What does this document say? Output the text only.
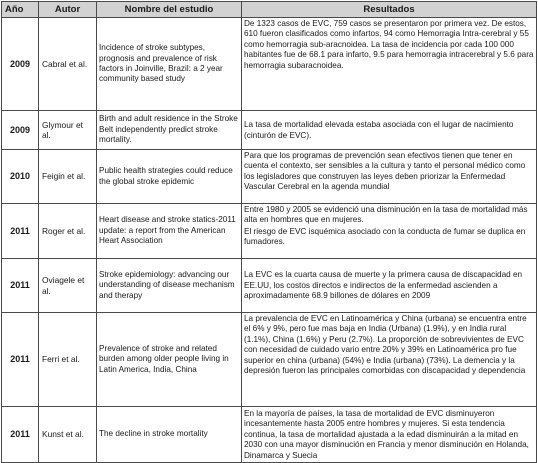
Año	Autor	Nombre del estudio	Resultados
2009	Cabral et al.	Incidence of stroke subtypes, prognosis and prevalence of risk factors in Joinville, Brazil: a 2 year community based study	De 1323 casos de EVC, 759 casos se presentaron por primera vez. De estos, 610 fueron clasificados como infartos, 94 como Hemorragia Intra-cerebral y 55 como hemorragia sub-aracnoidea. La tasa de incidencia por cada 100 000 habitantes fue de 68.1 para infarto, 9.5 para hemorragia intracerebral y 5.6 para hemorragia subaracnoidea.

2009	Glymour et al.	Birth and adult residence in the Stroke Belt independently predict stroke mortality.	La tasa de mortalidad elevada estaba asociada con el lugar de nacimiento (cinturón de EVC).

2010	Feigin et al.	Public health strategies could reduce the global stroke epidemic	Para que los programas de prevención sean efectivos tienen que tener en cuenta el contexto, ser sensibles a la cultura y tanto el personal médico como los legisladores que construyen las leyes deben priorizar la Enfermedad Vascular Cerebral en la agenda mundial

2011	Roger et al.	Heart disease and stroke statics-2011 update: a report from the American Heart Association	Entre 1980 y 2005 se evidenció una disminución en la tasa de mortalidad más alta en hombres que en mujeres.

El riesgo de EVC isquémica asociado con la conducta de fumar se duplica en fumadores.

2011	Oviagele et al.	Stroke epidemiology: advancing our understanding of disease mechanism and therapy	La EVC es la cuarta causa de muerte y la primera causa de discapacidad en EE.UU, los costos directos e indirectos de la enfermedad ascienden a aproximadamente 68.9 billones de dólares en 2009

2011	Ferri et al.	Prevalence of stroke and related burden among older people living in Latin America, India, China	La prevalencia de EVC en Latinoamérica y China (urbana) se encuentra entre el 6% y 9%, pero fue mas baja en India (Urbana) (1.9%), y en India rural (1.1%), China (1.6%) y Peru (2.7%). La proporción de sobrevivientes de EVC con necesidad de cuidado vario entre 20% y 39% en Latinoamérica pro fue superior en china (urbana) (54%) e India (urbana) (73%). La demencia y la depresión fueron las principales comorbidas con discapacidad y dependencia

2011	Kunst et al.	The decline in stroke mortality	En la mayoría de países, la tasa de mortalidad de EVC disminuyeron incesantemente hasta 2005 entre hombres y mujeres. Si esta tendencia continua, la tasa de mortalidad ajustada a la edad disminuirán a la mitad en 2030 con una mayor disminución en Francia y menor disminución en Holanda, Dinamarca y Suecia
